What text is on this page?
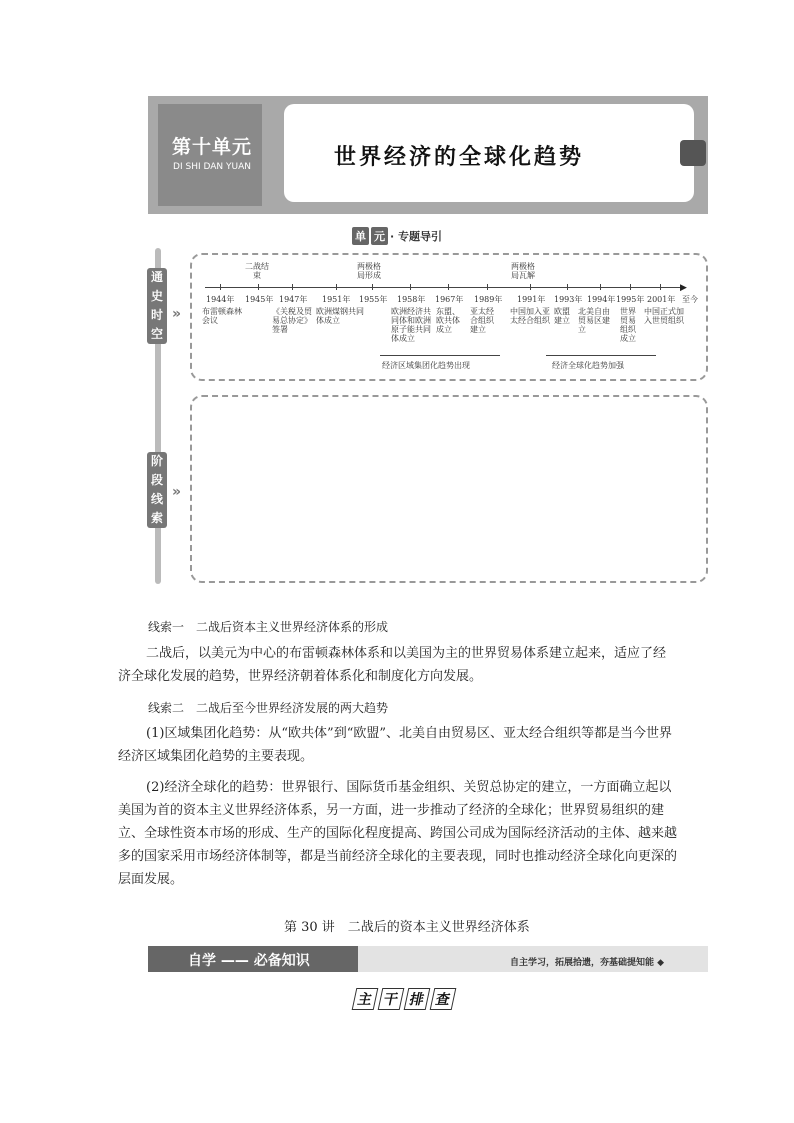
第十单元
DI SHI DAN YUAN	世界经济的全球化趋势
单 元 · 专题导引
通
史
时
空
»
阶
段
线
索
»
▶
二战结束
两极格局形成
两极格局瓦解
1944年 1945年 1947年 1951年 1955年 1958年 1967年 1989年 1991年 1993年 1994年 1995年 2001年 至今
布雷顿森林会议
《关税及贸易总协定》签署
欧洲煤钢共同体成立
欧洲经济共同体和欧洲原子能共同体成立
东盟、欧共体成立
亚太经合组织建立
中国加入亚太经合组织
欧盟建立
北美自由贸易区建立
世界贸易组织成立
中国正式加入世贸组织
经济区域集团化趋势出现	经济全球化趋势加强
线索一　二战后资本主义世界经济体系的形成
二战后，以美元为中心的布雷顿森林体系和以美国为主的世界贸易体系建立起来，适应了经济全球化发展的趋势，世界经济朝着体系化和制度化方向发展。
线索二　二战后至今世界经济发展的两大趋势
(1)区域集团化趋势：从“欧共体”到“欧盟”、北美自由贸易区、亚太经合组织等都是当今世界经济区域集团化趋势的主要表现。
(2)经济全球化的趋势：世界银行、国际货币基金组织、关贸总协定的建立，一方面确立起以美国为首的资本主义世界经济体系，另一方面，进一步推动了经济的全球化；世界贸易组织的建立、全球性资本市场的形成、生产的国际化程度提高、跨国公司成为国际经济活动的主体、越来越多的国家采用市场经济体制等，都是当前经济全球化的主要表现，同时也推动经济全球化向更深的层面发展。
第 30 讲　二战后的资本主义世界经济体系
自学 —— 必备知识	自主学习，拓展拾遗，夯基础提知能 ◆
主 干 排 查
